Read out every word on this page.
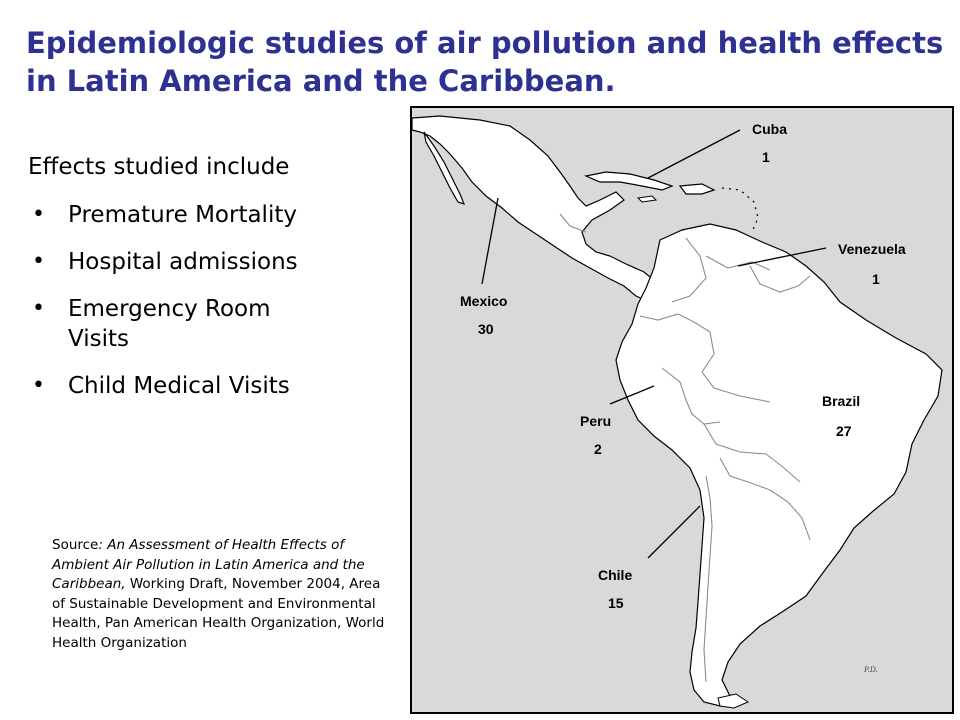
Epidemiologic studies of air pollution and health effects in Latin America and the Caribbean.
Effects studied include
• Premature Mortality
• Hospital admissions
• Emergency Room Visits
• Child Medical Visits
Source: An Assessment of Health Effects of Ambient Air Pollution in Latin America and the Caribbean, Working Draft, November 2004, Area of Sustainable Development and Environmental Health, Pan American Health Organization, World Health Organization
Cuba
1
Venezuela
1
Mexico
30
Peru
2
Brazil
27
Chile
15
P.D.
